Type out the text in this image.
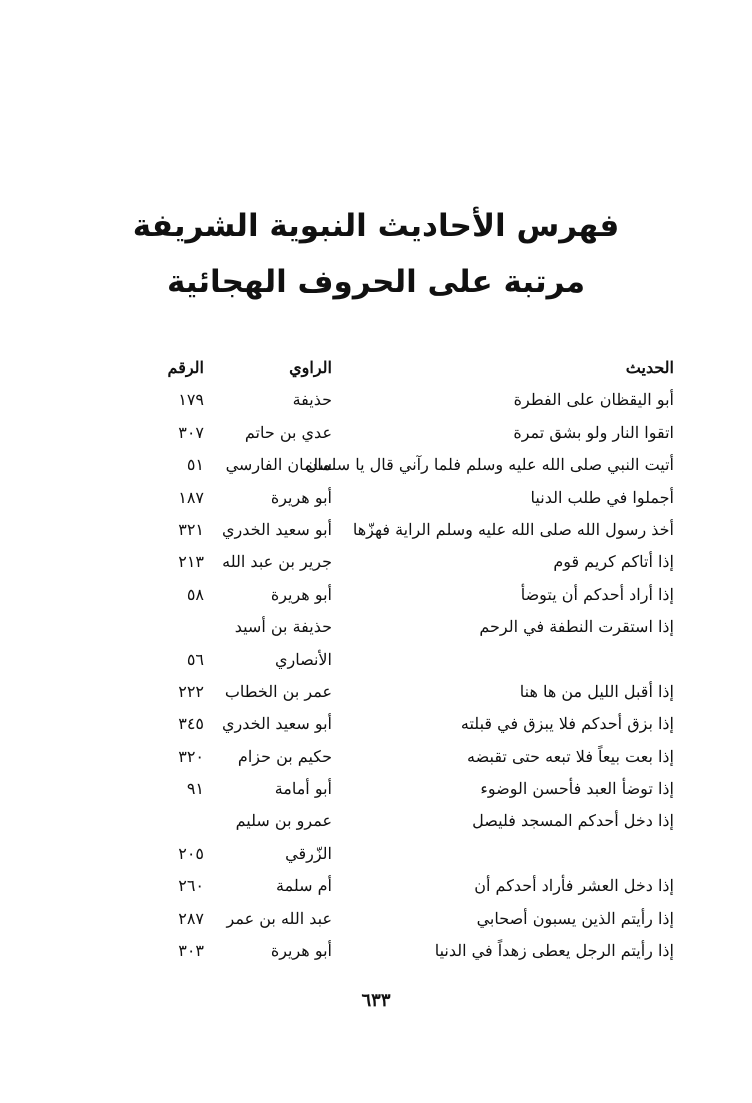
فهرس الأحاديث النبوية الشريفة
مرتبة على الحروف الهجائية
الحديث
الراوي
الرقم
أبو اليقظان على الفطرة
حذيفة
١٧٩
اتقوا النار ولو بشق تمرة
عدي بن حاتم
٣٠٧
أتيت النبي صلى الله عليه وسلم فلما رآني قال يا سلمان
سلمان الفارسي
٥١
أجملوا في طلب الدنيا
أبو هريرة
١٨٧
أخذ رسول الله صلى الله عليه وسلم الراية فهزّها
أبو سعيد الخدري
٣٢١
إذا أتاكم كريم قوم
جرير بن عبد الله
٢١٣
إذا أراد أحدكم أن يتوضأ
أبو هريرة
٥٨
إذا استقرت النطفة في الرحم
حذيفة بن أسيد
الأنصاري
٥٦
إذا أقبل الليل من ها هنا
عمر بن الخطاب
٢٢٢
إذا بزق أحدكم فلا يبزق في قبلته
أبو سعيد الخدري
٣٤٥
إذا بعت بيعاً فلا تبعه حتى تقبضه
حكيم بن حزام
٣٢٠
إذا توضأ العبد فأحسن الوضوء
أبو أمامة
٩١
إذا دخل أحدكم المسجد فليصل
عمرو بن سليم
الزّرقي
٢٠٥
إذا دخل العشر فأراد أحدكم أن
أم سلمة
٢٦٠
إذا رأيتم الذين يسبون أصحابي
عبد الله بن عمر
٢٨٧
إذا رأيتم الرجل يعطى زهداً في الدنيا
أبو هريرة
٣٠٣
٦٣٣
